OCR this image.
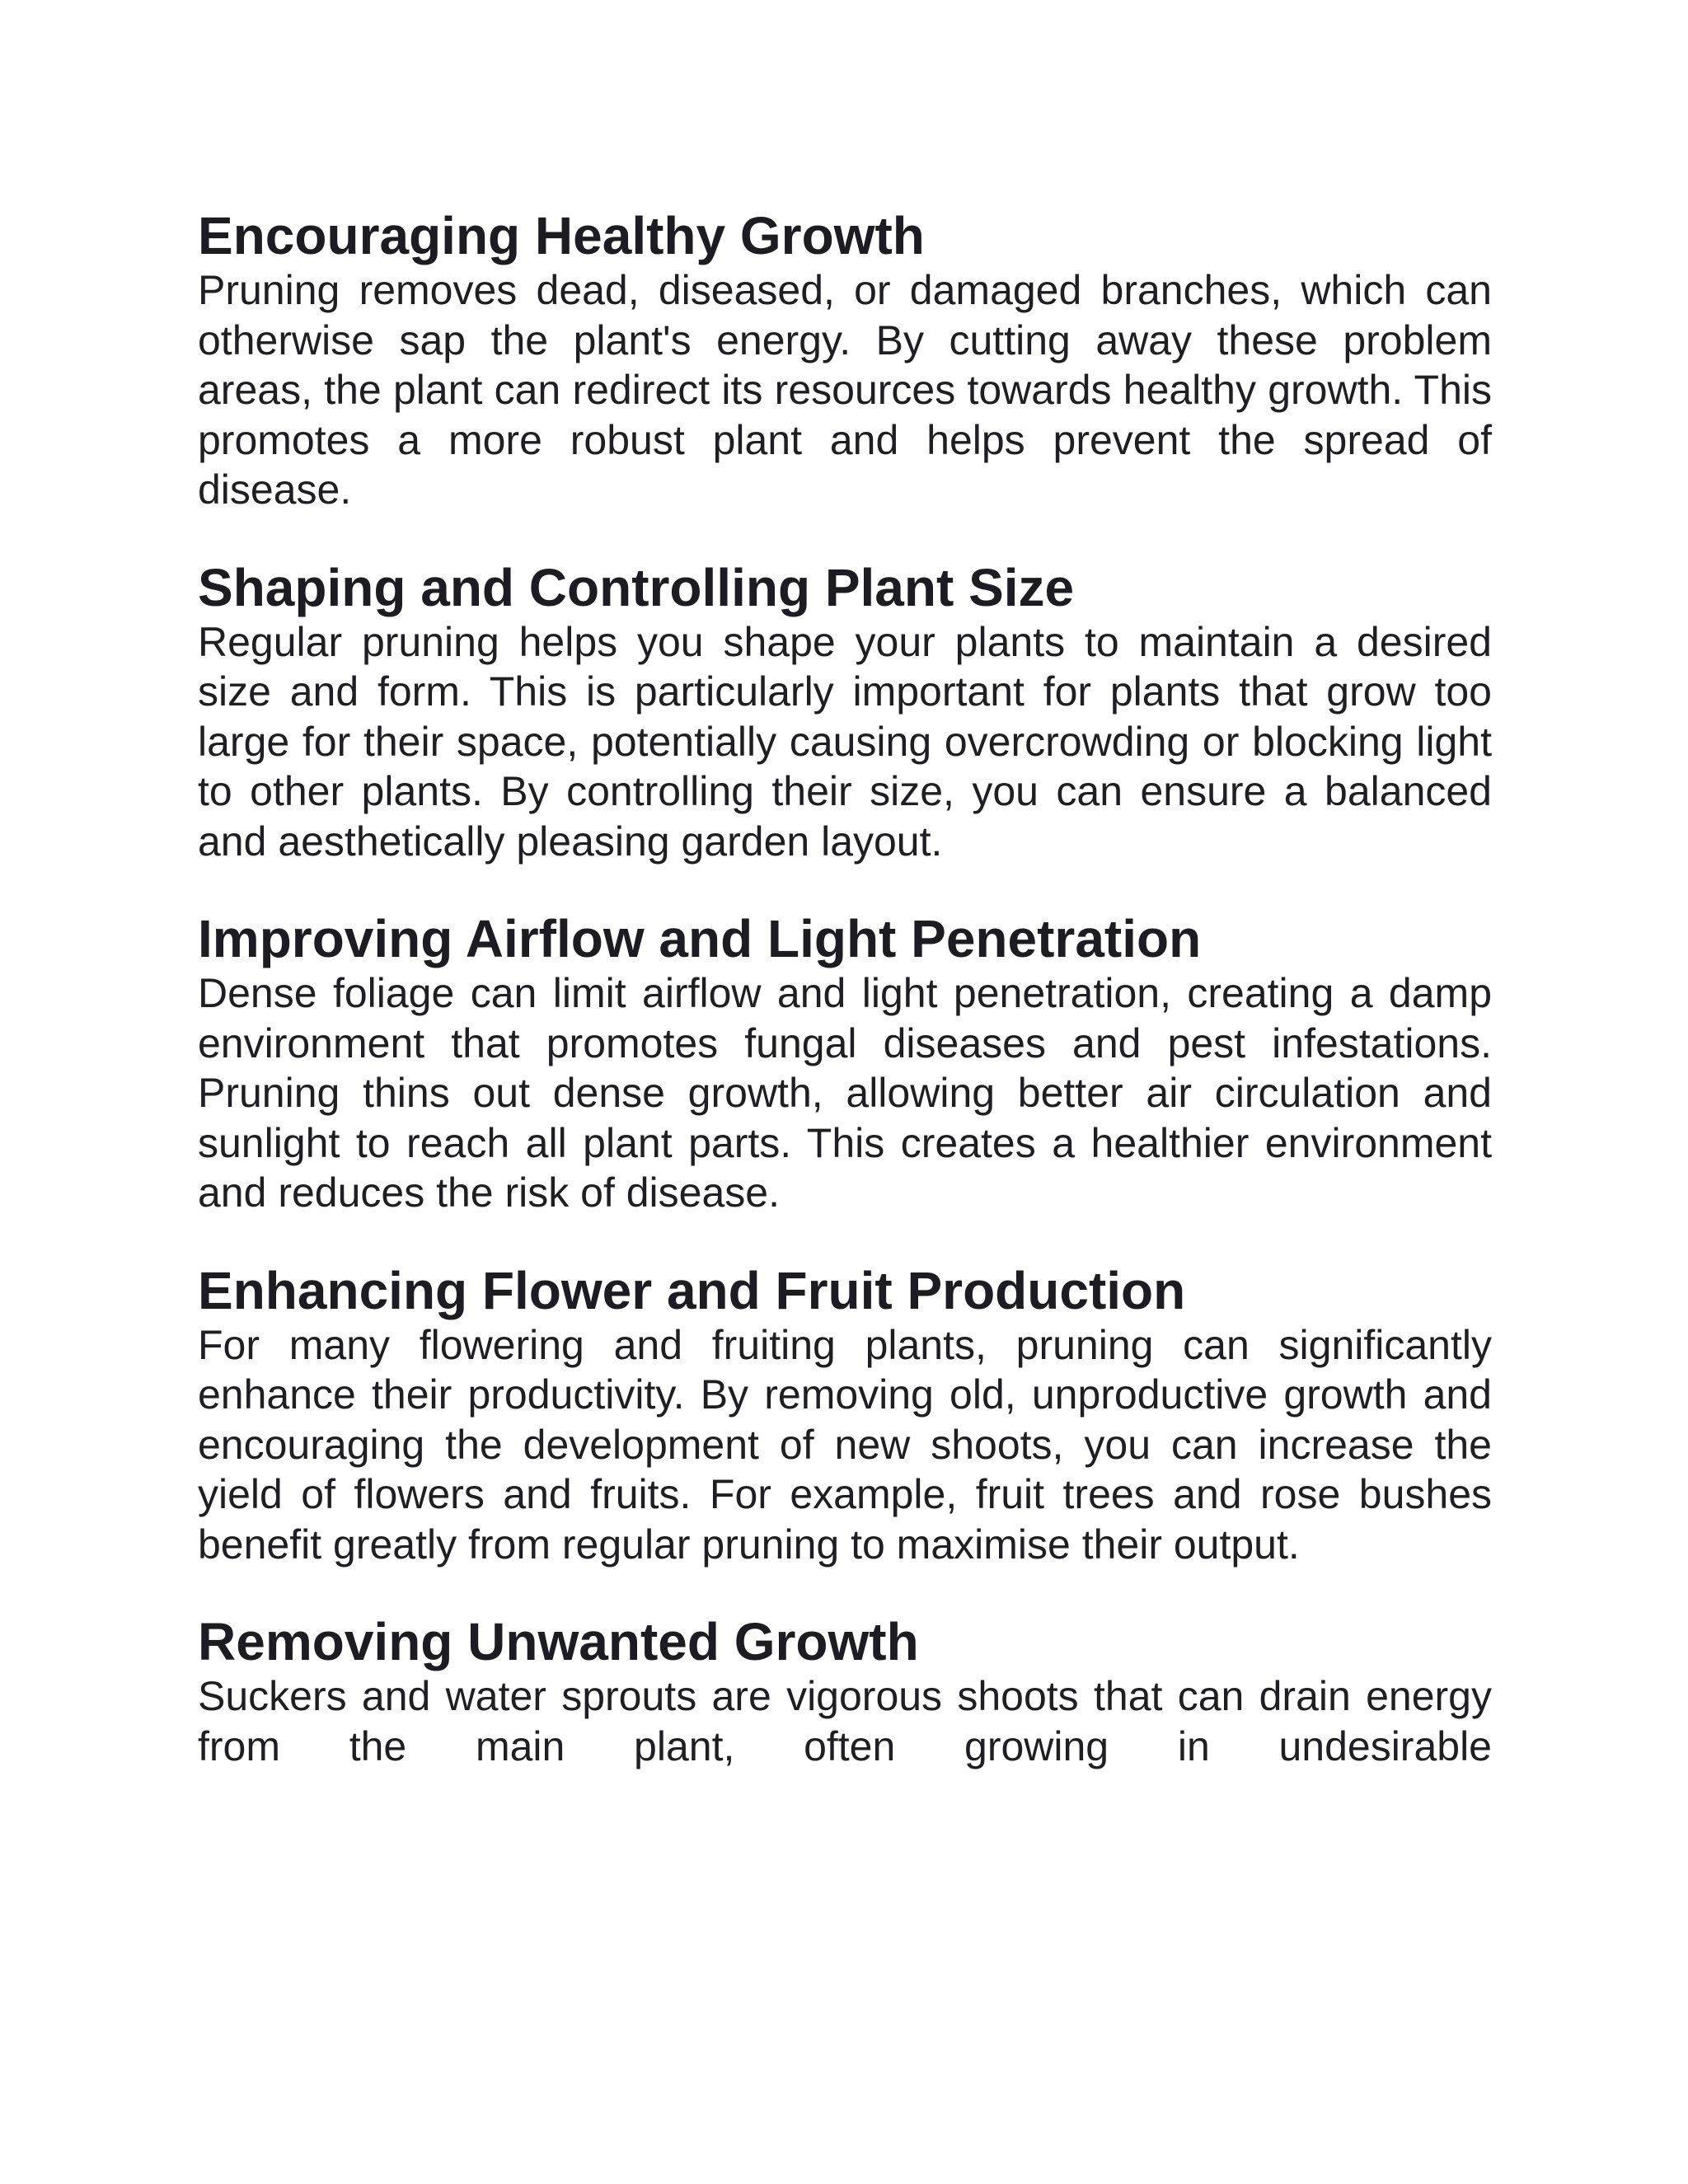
Encouraging Healthy Growth

Pruning removes dead, diseased, or damaged branches, which can otherwise sap the plant's energy. By cutting away these problem areas, the plant can redirect its resources towards healthy growth. This promotes a more robust plant and helps prevent the spread of disease.

Shaping and Controlling Plant Size

Regular pruning helps you shape your plants to maintain a desired size and form. This is particularly important for plants that grow too large for their space, potentially causing overcrowding or blocking light to other plants. By controlling their size, you can ensure a balanced and aesthetically pleasing garden layout.

Improving Airflow and Light Penetration

Dense foliage can limit airflow and light penetration, creating a damp environment that promotes fungal diseases and pest infestations. Pruning thins out dense growth, allowing better air circulation and sunlight to reach all plant parts. This creates a healthier environment and reduces the risk of disease.

Enhancing Flower and Fruit Production

For many flowering and fruiting plants, pruning can significantly enhance their productivity. By removing old, unproductive growth and encouraging the development of new shoots, you can increase the yield of flowers and fruits. For example, fruit trees and rose bushes benefit greatly from regular pruning to maximise their output.

Removing Unwanted Growth

Suckers and water sprouts are vigorous shoots that can drain energy from the main plant, often growing in undesirable
